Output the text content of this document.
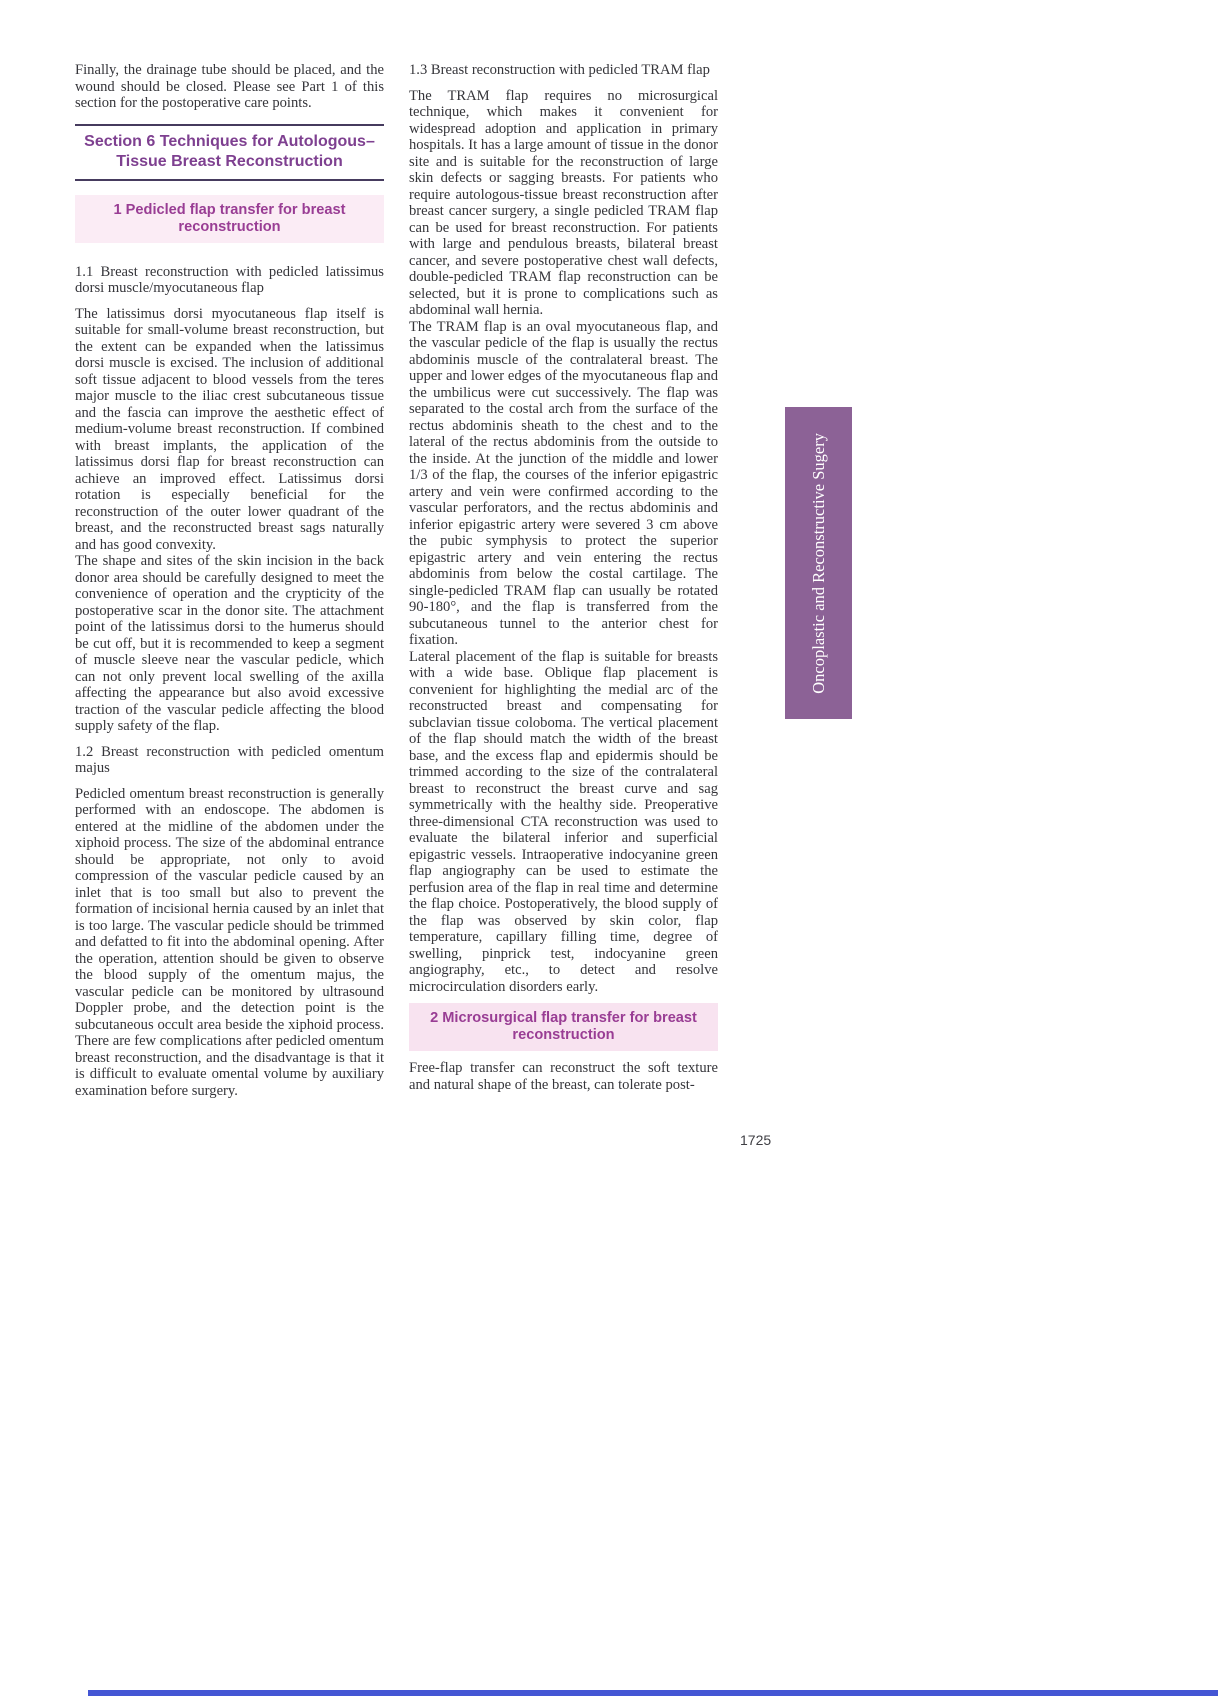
Finally, the drainage tube should be placed, and the wound should be closed. Please see Part 1 of this section for the postoperative care points.

Section 6 Techniques for Autologous–Tissue Breast Reconstruction
1 Pedicled flap transfer for breast reconstruction

1.1 Breast reconstruction with pedicled latissimus dorsi muscle/myocutaneous flap

The latissimus dorsi myocutaneous flap itself is suitable for small-volume breast reconstruction, but the extent can be expanded when the latissimus dorsi muscle is excised. The inclusion of additional soft tissue adjacent to blood vessels from the teres major muscle to the iliac crest subcutaneous tissue and the fascia can improve the aesthetic effect of medium-volume breast reconstruction. If combined with breast implants, the application of the latissimus dorsi flap for breast reconstruction can achieve an improved effect. Latissimus dorsi rotation is especially beneficial for the reconstruction of the outer lower quadrant of the breast, and the reconstructed breast sags naturally and has good convexity.

The shape and sites of the skin incision in the back donor area should be carefully designed to meet the convenience of operation and the crypticity of the postoperative scar in the donor site. The attachment point of the latissimus dorsi to the humerus should be cut off, but it is recommended to keep a segment of muscle sleeve near the vascular pedicle, which can not only prevent local swelling of the axilla affecting the appearance but also avoid excessive traction of the vascular pedicle affecting the blood supply safety of the flap.

1.2 Breast reconstruction with pedicled omentum majus

Pedicled omentum breast reconstruction is generally performed with an endoscope. The abdomen is entered at the midline of the abdomen under the xiphoid process. The size of the abdominal entrance should be appropriate, not only to avoid compression of the vascular pedicle caused by an inlet that is too small but also to prevent the formation of incisional hernia caused by an inlet that is too large. The vascular pedicle should be trimmed and defatted to fit into the abdominal opening. After the operation, attention should be given to observe the blood supply of the omentum majus, the vascular pedicle can be monitored by ultrasound Doppler probe, and the detection point is the subcutaneous occult area beside the xiphoid process. There are few complications after pedicled omentum breast reconstruction, and the disadvantage is that it is difficult to evaluate omental volume by auxiliary examination before surgery.

1.3 Breast reconstruction with pedicled TRAM flap

The TRAM flap requires no microsurgical technique, which makes it convenient for widespread adoption and application in primary hospitals. It has a large amount of tissue in the donor site and is suitable for the reconstruction of large skin defects or sagging breasts. For patients who require autologous-tissue breast reconstruction after breast cancer surgery, a single pedicled TRAM flap can be used for breast reconstruction. For patients with large and pendulous breasts, bilateral breast cancer, and severe postoperative chest wall defects, double-pedicled TRAM flap reconstruction can be selected, but it is prone to complications such as abdominal wall hernia.

The TRAM flap is an oval myocutaneous flap, and the vascular pedicle of the flap is usually the rectus abdominis muscle of the contralateral breast. The upper and lower edges of the myocutaneous flap and the umbilicus were cut successively. The flap was separated to the costal arch from the surface of the rectus abdominis sheath to the chest and to the lateral of the rectus abdominis from the outside to the inside. At the junction of the middle and lower 1/3 of the flap, the courses of the inferior epigastric artery and vein were confirmed according to the vascular perforators, and the rectus abdominis and inferior epigastric artery were severed 3 cm above the pubic symphysis to protect the superior epigastric artery and vein entering the rectus abdominis from below the costal cartilage. The single-pedicled TRAM flap can usually be rotated 90-180°, and the flap is transferred from the subcutaneous tunnel to the anterior chest for fixation.

Lateral placement of the flap is suitable for breasts with a wide base. Oblique flap placement is convenient for highlighting the medial arc of the reconstructed breast and compensating for subclavian tissue coloboma. The vertical placement of the flap should match the width of the breast base, and the excess flap and epidermis should be trimmed according to the size of the contralateral breast to reconstruct the breast curve and sag symmetrically with the healthy side. Preoperative three-dimensional CTA reconstruction was used to evaluate the bilateral inferior and superficial epigastric vessels. Intraoperative indocyanine green flap angiography can be used to estimate the perfusion area of the flap in real time and determine the flap choice. Postoperatively, the blood supply of the flap was observed by skin color, flap temperature, capillary filling time, degree of swelling, pinprick test, indocyanine green angiography, etc., to detect and resolve microcirculation disorders early.

2 Microsurgical flap transfer for breast reconstruction

Free-flap transfer can reconstruct the soft texture and natural shape of the breast, can tolerate post-

Oncoplastic and Reconstructive Sugery
1725
